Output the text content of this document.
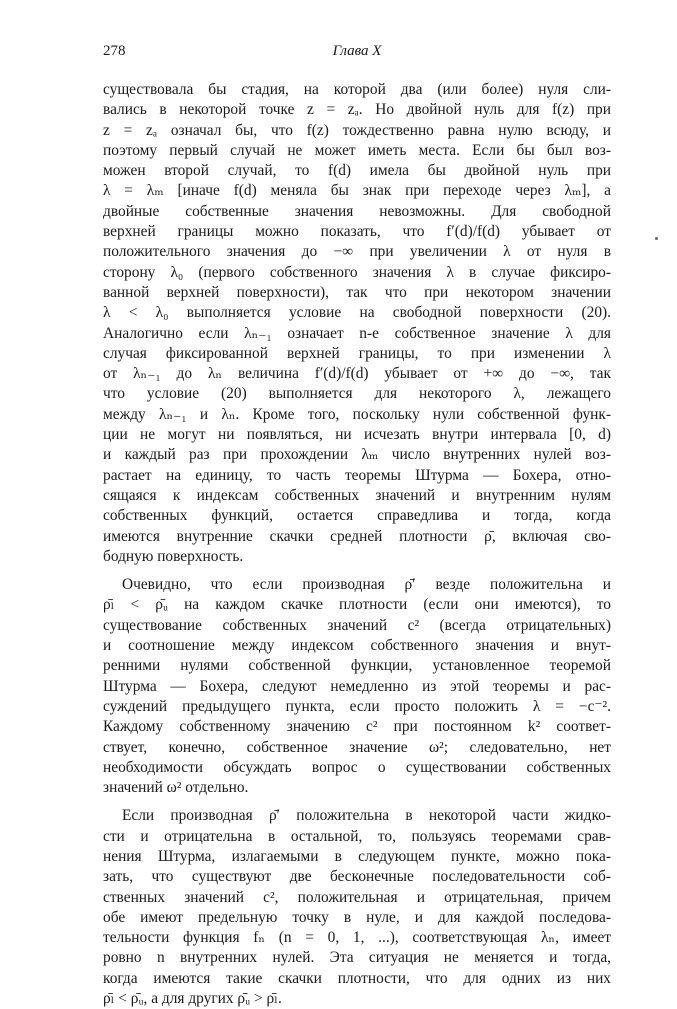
278	Глава X
существовала бы стадия, на которой два (или более) нуля сли-
вались в некоторой точке z = zₐ. Но двойной нуль для f(z) при
z = zₐ означал бы, что f(z) тождественно равна нулю всюду, и
поэтому первый случай не может иметь места. Если бы был воз-
можен второй случай, то f(d) имела бы двойной нуль при
λ = λₘ [иначе f(d) меняла бы знак при переходе через λₘ], а
двойные собственные значения невозможны. Для свободной
верхней границы можно показать, что f′(d)/f(d) убывает от
положительного значения до −∞ при увеличении λ от нуля в
сторону λ₀ (первого собственного значения λ в случае фиксиро-
ванной верхней поверхности), так что при некотором значении
λ < λ₀ выполняется условие на свободной поверхности (20).
Аналогично если λₙ₋₁ означает n-е собственное значение λ для
случая фиксированной верхней границы, то при изменении λ
от λₙ₋₁ до λₙ величина f′(d)/f(d) убывает от +∞ до −∞, так
что условие (20) выполняется для некоторого λ, лежащего
между λₙ₋₁ и λₙ. Кроме того, поскольку нули собственной функ-
ции не могут ни появляться, ни исчезать внутри интервала [0, d)
и каждый раз при прохождении λₘ число внутренних нулей воз-
растает на единицу, то часть теоремы Штурма — Бохера, отно-
сящаяся к индексам собственных значений и внутренним нулям
собственных функций, остается справедлива и тогда, когда
имеются внутренние скачки средней плотности ρ̄, включая сво-
бодную поверхность.
Очевидно, что если производная ρ̄′ везде положительна и
ρ̄ₗ < ρ̄ᵤ на каждом скачке плотности (если они имеются), то
существование собственных значений c² (всегда отрицательных)
и соотношение между индексом собственного значения и внут-
ренними нулями собственной функции, установленное теоремой
Штурма — Бохера, следуют немедленно из этой теоремы и рас-
суждений предыдущего пункта, если просто положить λ = −c⁻².
Каждому собственному значению c² при постоянном k² соответ-
ствует, конечно, собственное значение ω²; следовательно, нет
необходимости обсуждать вопрос о существовании собственных
значений ω² отдельно.
Если производная ρ̄′ положительна в некоторой части жидко-
сти и отрицательна в остальной, то, пользуясь теоремами срав-
нения Штурма, излагаемыми в следующем пункте, можно пока-
зать, что существуют две бесконечные последовательности соб-
ственных значений c², положительная и отрицательная, причем
обе имеют предельную точку в нуле, и для каждой последова-
тельности функция fₙ (n = 0, 1, ...), соответствующая λₙ, имеет
ровно n внутренних нулей. Эта ситуация не меняется и тогда,
когда имеются такие скачки плотности, что для одних из них
ρ̄ₗ < ρ̄ᵤ, а для других ρ̄ᵤ > ρ̄ₗ.
